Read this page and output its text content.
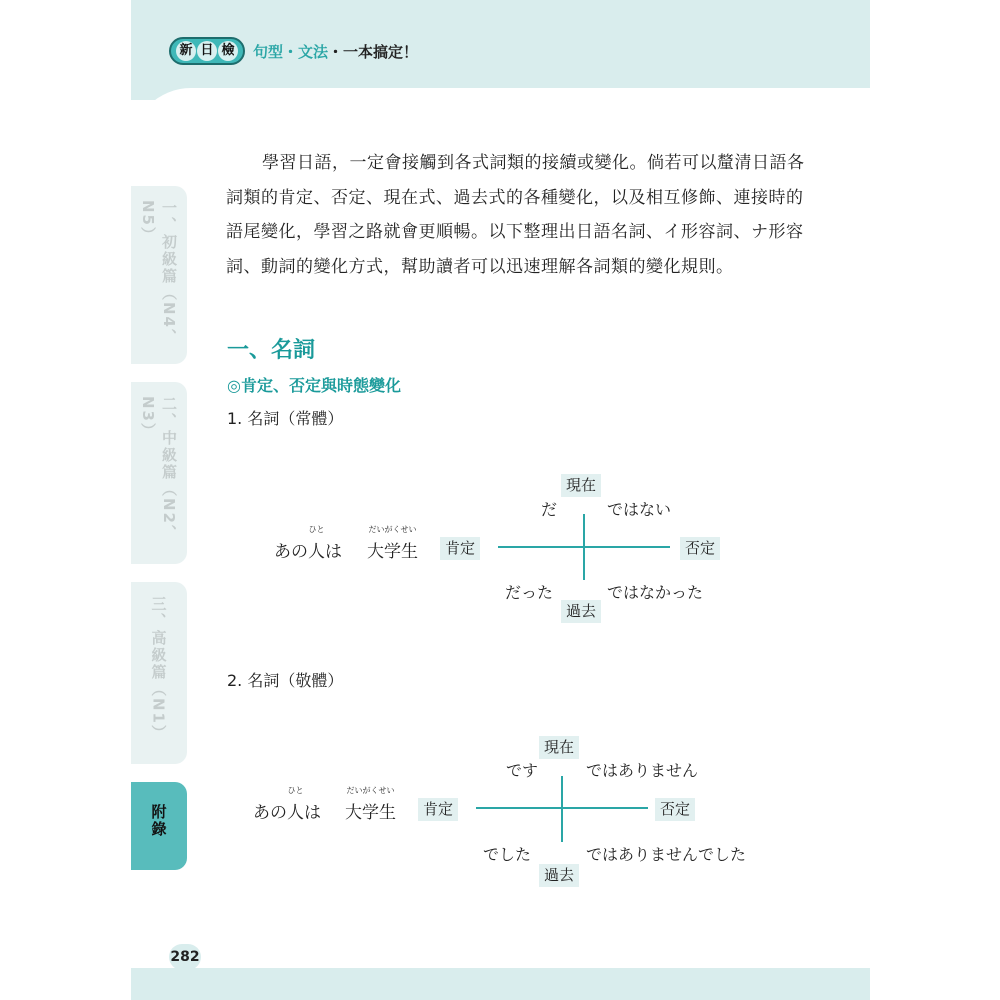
新 日 檢 句型・文法 ・一本搞定！
一、初級篇（N4、N5）
二、中級篇（N2、N3）
三、高級篇（N1）
附錄
282

學習日語，一定會接觸到各式詞類的接續或變化。倘若可以釐清日語各詞類的肯定、否定、現在式、過去式的各種變化，以及相互修飾、連接時的語尾變化，學習之路就會更順暢。以下整理出日語名詞、イ形容詞、ナ形容詞、動詞的變化方式，幫助讀者可以迅速理解各詞類的變化規則。

一、名詞
◎肯定、否定與時態變化
1. 名詞（常體）
あの人
ひと
は 大学生
だいがくせい
肯定	否定
現在
過去
だ	ではない
だった	ではなかった
2. 名詞（敬體）
あの人
ひと
は 大学生
だいがくせい
肯定	否定
現在
過去
です	ではありません
でした	ではありませんでした
